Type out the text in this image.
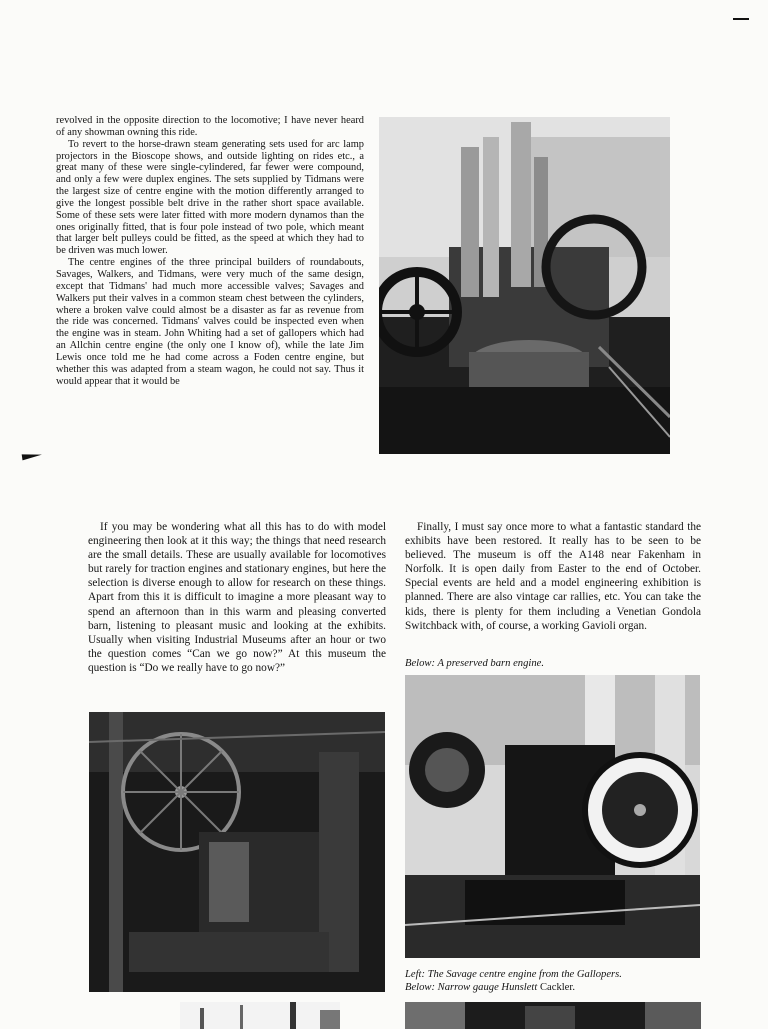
revolved in the opposite direction to the locomotive; I have never heard of any showman owning this ride.

To revert to the horse-drawn steam generating sets used for arc lamp projectors in the Bioscope shows, and outside lighting on rides etc., a great many of these were single-cylindered, far fewer were compound, and only a few were duplex engines. The sets supplied by Tidmans were the largest size of centre engine with the motion differently arranged to give the longest possible belt drive in the rather short space available. Some of these sets were later fitted with more modern dynamos than the ones originally fitted, that is four pole instead of two pole, which meant that larger belt pulleys could be fitted, as the speed at which they had to be driven was much lower.

The centre engines of the three principal builders of roundabouts, Savages, Walkers, and Tidmans, were very much of the same design, except that Tidmans' had much more accessible valves; Savages and Walkers put their valves in a common steam chest between the cylinders, where a broken valve could almost be a disaster as far as revenue from the ride was concerned. Tidmans' valves could be inspected even when the engine was in steam. John Whiting had a set of gallopers which had an Allchin centre engine (the only one I know of), while the late Jim Lewis once told me he had come across a Foden centre engine, but whether this was adapted from a steam wagon, he could not say. Thus it would appear that it would be

If you may be wondering what all this has to do with model engineering then look at it this way; the things that need research are the small details. These are usually available for locomotives but rarely for traction engines and stationary engines, but here the selection is diverse enough to allow for research on these things. Apart from this it is difficult to imagine a more pleasant way to spend an afternoon than in this warm and pleasing converted barn, listening to pleasant music and looking at the exhibits. Usually when visiting Industrial Museums after an hour or two the question comes “Can we go now?” At this museum the question is “Do we really have to go now?”

Finally, I must say once more to what a fantastic standard the exhibits have been restored. It really has to be seen to be believed. The museum is off the A148 near Fakenham in Norfolk. It is open daily from Easter to the end of October. Special events are held and a model engineering exhibition is planned. There are also vintage car rallies, etc. You can take the kids, there is plenty for them including a Venetian Gondola Switchback with, of course, a working Gavioli organ.

Below: A preserved barn engine.
Left: The Savage centre engine from the Gallopers.
Below: Narrow gauge Hunslett Cackler.
